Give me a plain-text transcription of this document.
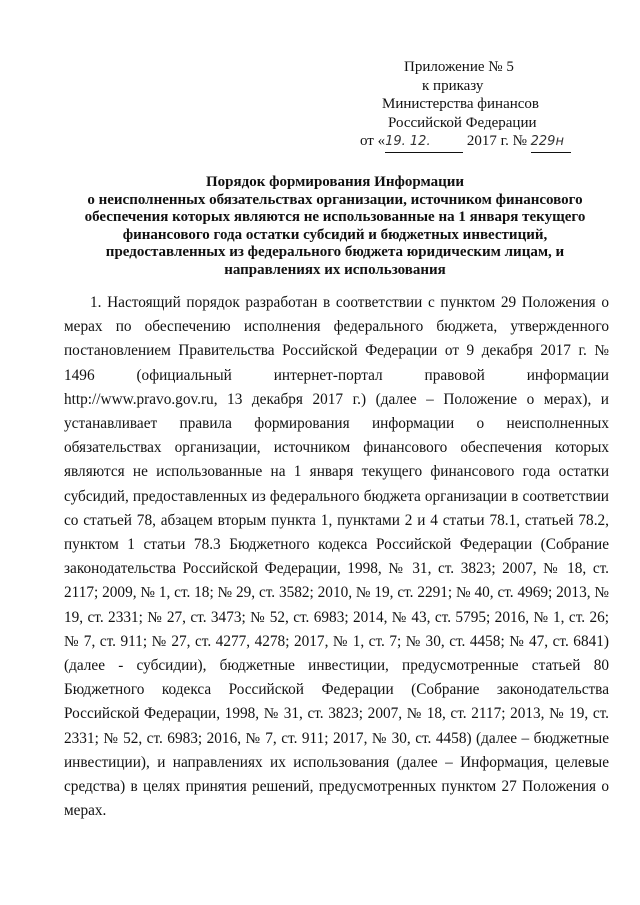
Приложение № 5
к приказу
Министерства финансов
Российской Федерации
от «19. 12. 2017 г. № 229н
Порядок формирования Информации
о неисполненных обязательствах организации, источником финансового
обеспечения которых являются не использованные на 1 января текущего
финансового года остатки субсидий и бюджетных инвестиций,
предоставленных из федерального бюджета юридическим лицам, и
направлениях их использования

1. Настоящий порядок разработан в соответствии с пунктом 29 Положения о мерах по обеспечению исполнения федерального бюджета, утвержденного постановлением Правительства Российской Федерации от 9 декабря 2017 г. № 1496 (официальный интернет-портал правовой информации http://www.pravo.gov.ru, 13 декабря 2017 г.) (далее – Положение о мерах), и устанавливает правила формирования информации о неисполненных обязательствах организации, источником финансового обеспечения которых являются не использованные на 1 января текущего финансового года остатки субсидий, предоставленных из федерального бюджета организации в соответствии со статьей 78, абзацем вторым пункта 1, пунктами 2 и 4 статьи 78.1, статьей 78.2, пунктом 1 статьи 78.3 Бюджетного кодекса Российской Федерации (Собрание законодательства Российской Федерации, 1998, № 31, ст. 3823; 2007, № 18, ст. 2117; 2009, № 1, ст. 18; № 29, ст. 3582; 2010, № 19, ст. 2291; № 40, ст. 4969; 2013, № 19, ст. 2331; № 27, ст. 3473; № 52, ст. 6983; 2014, № 43, ст. 5795; 2016, № 1, ст. 26; № 7, ст. 911; № 27, ст. 4277, 4278; 2017, № 1, ст. 7; № 30, ст. 4458; № 47, ст. 6841) (далее - субсидии), бюджетные инвестиции, предусмотренные статьей 80 Бюджетного кодекса Российской Федерации (Собрание законодательства Российской Федерации, 1998, № 31, ст. 3823; 2007, № 18, ст. 2117; 2013, № 19, ст. 2331; № 52, ст. 6983; 2016, № 7, ст. 911; 2017, № 30, ст. 4458) (далее – бюджетные инвестиции), и направлениях их использования (далее – Информация, целевые средства) в целях принятия решений, предусмотренных пунктом 27 Положения о мерах.
